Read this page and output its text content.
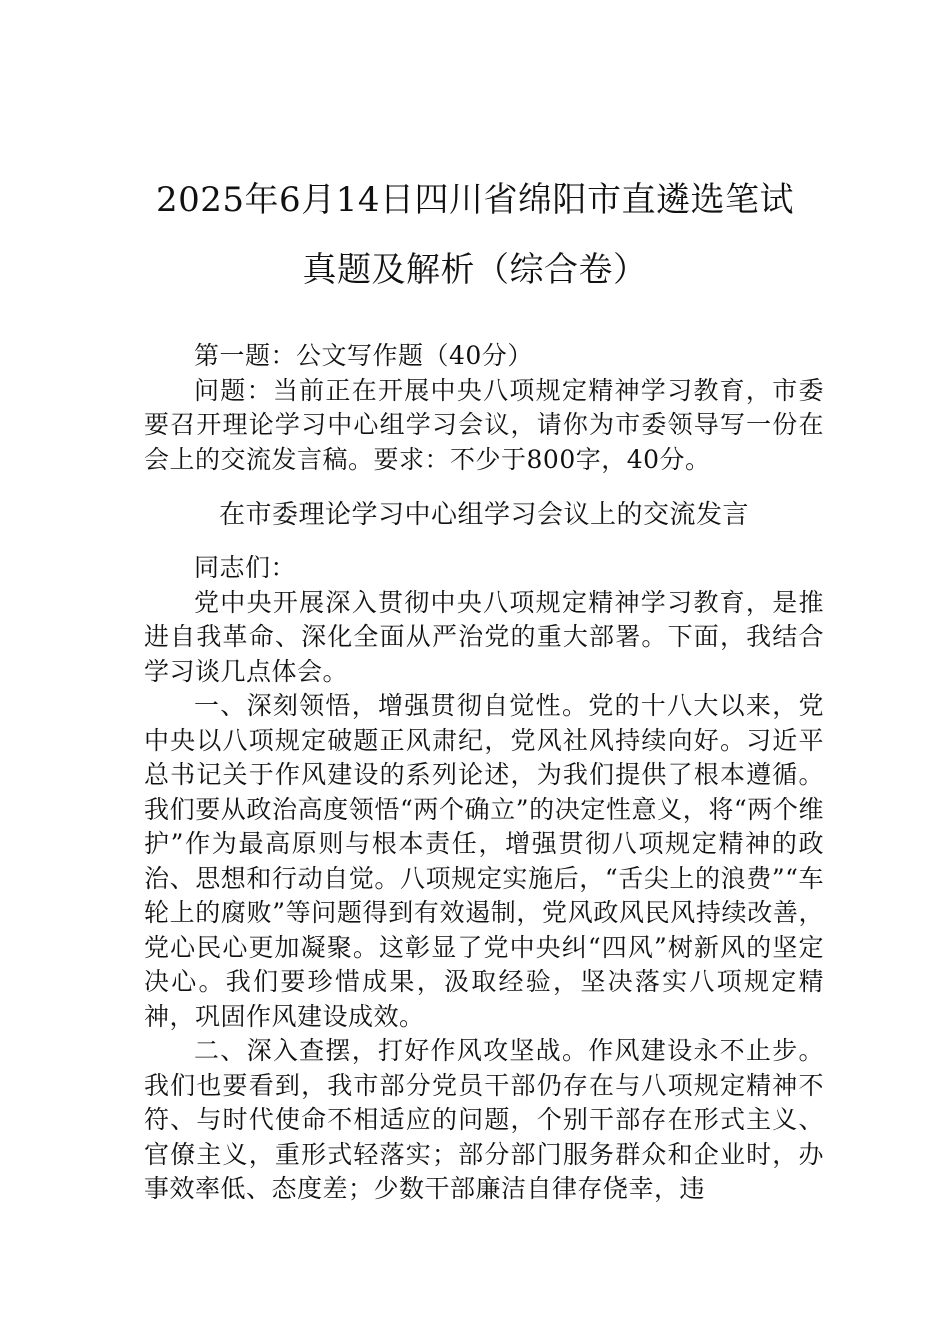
2025年6月14日四川省绵阳市直遴选笔试
真题及解析（综合卷）

第一题：公文写作题（40分）

问题：当前正在开展中央八项规定精神学习教育，市委要召开理论学习中心组学习会议，请你为市委领导写一份在会上的交流发言稿。要求：不少于800字，40分。

在市委理论学习中心组学习会议上的交流发言

同志们：

党中央开展深入贯彻中央八项规定精神学习教育，是推进自我革命、深化全面从严治党的重大部署。下面，我结合学习谈几点体会。

一、深刻领悟，增强贯彻自觉性。党的十八大以来，党中央以八项规定破题正风肃纪，党风社风持续向好。习近平总书记关于作风建设的系列论述，为我们提供了根本遵循。我们要从政治高度领悟“两个确立”的决定性意义，将“两个维护”作为最高原则与根本责任，增强贯彻八项规定精神的政治、思想和行动自觉。八项规定实施后，“舌尖上的浪费”“车轮上的腐败”等问题得到有效遏制，党风政风民风持续改善，党心民心更加凝聚。这彰显了党中央纠“四风”树新风的坚定决心。我们要珍惜成果，汲取经验，坚决落实八项规定精神，巩固作风建设成效。

二、深入查摆，打好作风攻坚战。作风建设永不止步。我们也要看到，我市部分党员干部仍存在与八项规定精神不符、与时代使命不相适应的问题，个别干部存在形式主义、官僚主义，重形式轻落实；部分部门服务群众和企业时，办事效率低、态度差；少数干部廉洁自律存侥幸，违
